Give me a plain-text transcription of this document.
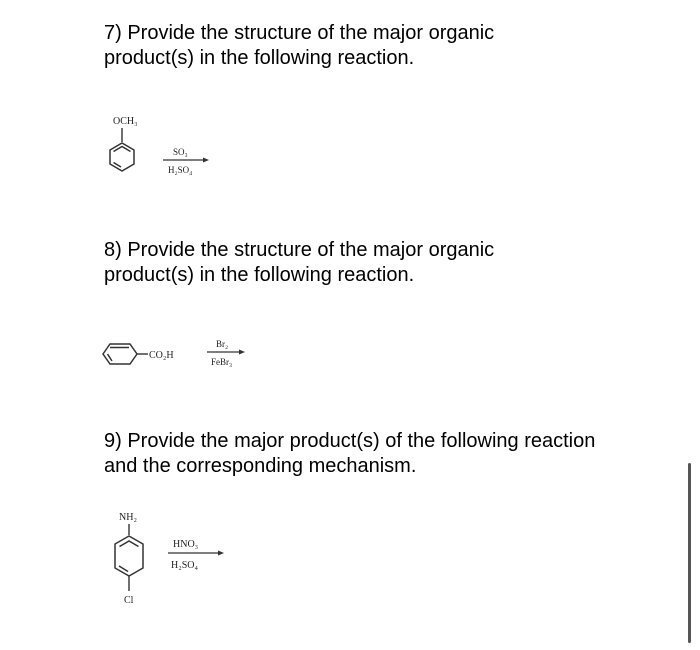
7) Provide the structure of the major organic product(s) in the following reaction.

OCH₃
SO₃
H₂SO₄

8) Provide the structure of the major organic product(s) in the following reaction.

CO₂H
Br₂
FeBr₃

9) Provide the major product(s) of the following reaction and the corresponding mechanism.

NH₂
Cl
HNO₃
H₂SO₄
